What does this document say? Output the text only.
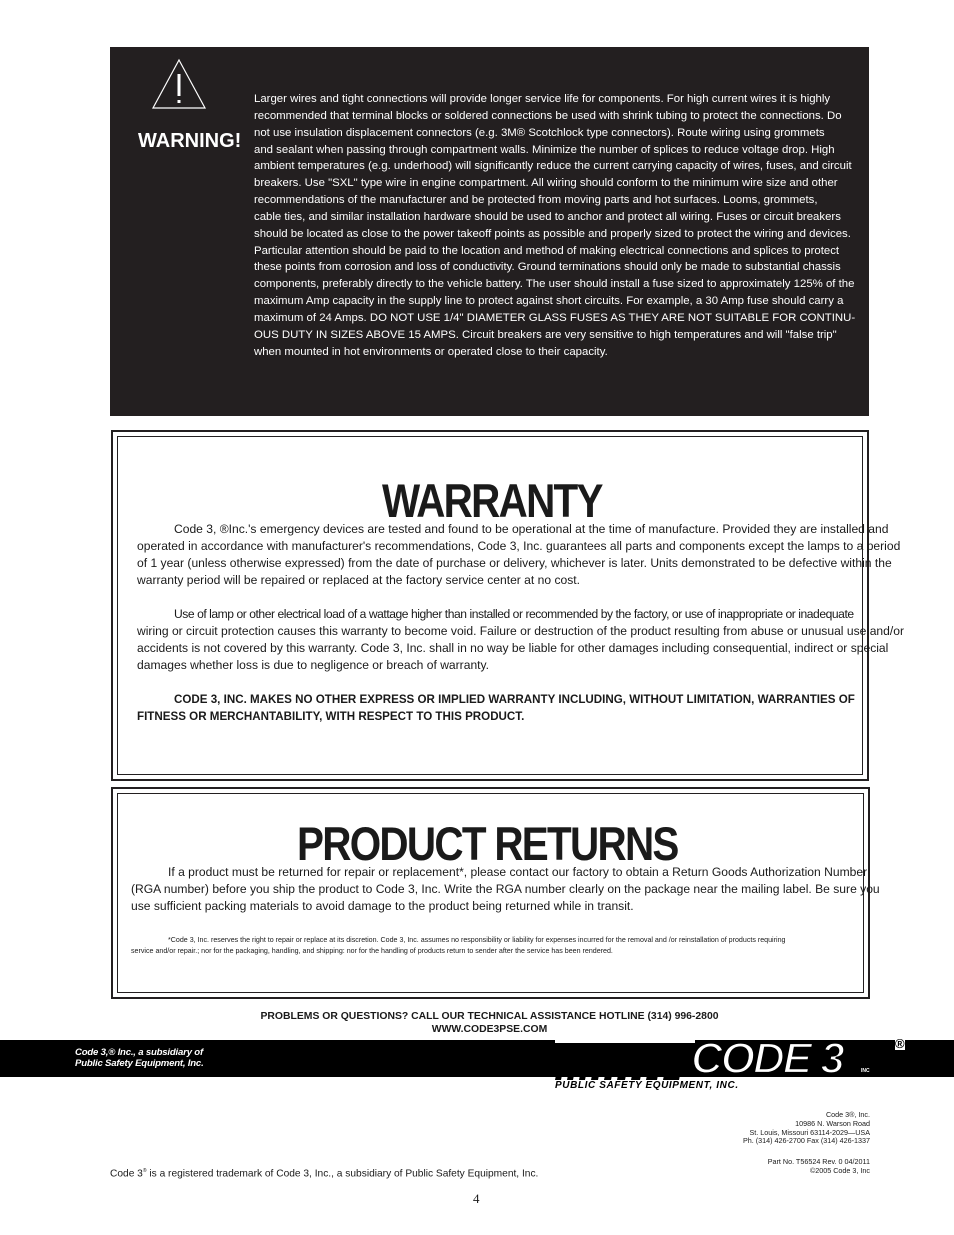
WARNING!

Larger wires and tight connections will provide longer service life for components. For high current wires it is highly

recommended that terminal blocks or soldered connections be used with shrink tubing to protect the connections. Do

not use insulation displacement connectors (e.g. 3M® Scotchlock type connectors). Route wiring using grommets

and sealant when passing through compartment walls. Minimize the number of splices to reduce voltage drop. High

ambient temperatures (e.g. underhood) will significantly reduce the current carrying capacity of wires, fuses, and circuit

breakers. Use "SXL" type wire in engine compartment. All wiring should conform to the minimum wire size and other

recommendations of the manufacturer and be protected from moving parts and hot surfaces. Looms, grommets,

cable ties, and similar installation hardware should be used to anchor and protect all wiring. Fuses or circuit breakers

should be located as close to the power takeoff points as possible and properly sized to protect the wiring and devices.

Particular attention should be paid to the location and method of making electrical connections and splices to protect

these points from corrosion and loss of conductivity. Ground terminations should only be made to substantial chassis

components, preferably directly to the vehicle battery. The user should install a fuse sized to approximately 125% of the

maximum Amp capacity in the supply line to protect against short circuits. For example, a 30 Amp fuse should carry a

maximum of 24 Amps. DO NOT USE 1/4" DIAMETER GLASS FUSES AS THEY ARE NOT SUITABLE FOR CONTINU-

OUS DUTY IN SIZES ABOVE 15 AMPS. Circuit breakers are very sensitive to high temperatures and will "false trip"

when mounted in hot environments or operated close to their capacity.

WARRANTY
Code 3, ®Inc.'s emergency devices are tested and found to be operational at the time of manufacture. Provided they are installed and
operated in accordance with manufacturer's recommendations, Code 3, Inc. guarantees all parts and components except the lamps to a period
of 1 year (unless otherwise expressed) from the date of purchase or delivery, whichever is later. Units demonstrated to be defective within the
warranty period will be repaired or replaced at the factory service center at no cost.
Use of lamp or other electrical load of a wattage higher than installed or recommended by the factory, or use of inappropriate or inadequate
wiring or circuit protection causes this warranty to become void. Failure or destruction of the product resulting from abuse or unusual use and/or
accidents is not covered by this warranty. Code 3, Inc. shall in no way be liable for other damages including consequential, indirect or special
damages whether loss is due to negligence or breach of warranty.
CODE 3, INC. MAKES NO OTHER EXPRESS OR IMPLIED WARRANTY INCLUDING, WITHOUT LIMITATION, WARRANTIES OF
FITNESS OR MERCHANTABILITY, WITH RESPECT TO THIS PRODUCT.
PRODUCT RETURNS
If a product must be returned for repair or replacement*, please contact our factory to obtain a Return Goods Authorization Number
(RGA number) before you ship the product to Code 3, Inc. Write the RGA number clearly on the package near the mailing label. Be sure you
use sufficient packing materials to avoid damage to the product being returned while in transit.
*Code 3, Inc. reserves the right to repair or replace at its discretion. Code 3, Inc. assumes no responsibility or liability for expenses incurred for the removal and /or reinstallation of products requiring
service and/or repair.; nor for the packaging, handling, and shipping: nor for the handling of products return to sender after the service has been rendered.
PROBLEMS OR QUESTIONS? CALL OUR TECHNICAL ASSISTANCE HOTLINE (314) 996-2800
WWW.CODE3PSE.COM
Code 3,® Inc., a subsidiary of
Public Safety Equipment, Inc.	CODE 3	INC
®
PUBLIC SAFETY EQUIPMENT, INC.
Code 3®, Inc.
10986 N. Warson Road
St. Louis, Missouri 63114-2029—USA
Ph. (314) 426-2700 Fax (314) 426-1337
Part No. T56524 Rev. 0 04/2011
©2005 Code 3, Inc
Code 3® is a registered trademark of Code 3, Inc., a subsidiary of Public Safety Equipment, Inc.
4
